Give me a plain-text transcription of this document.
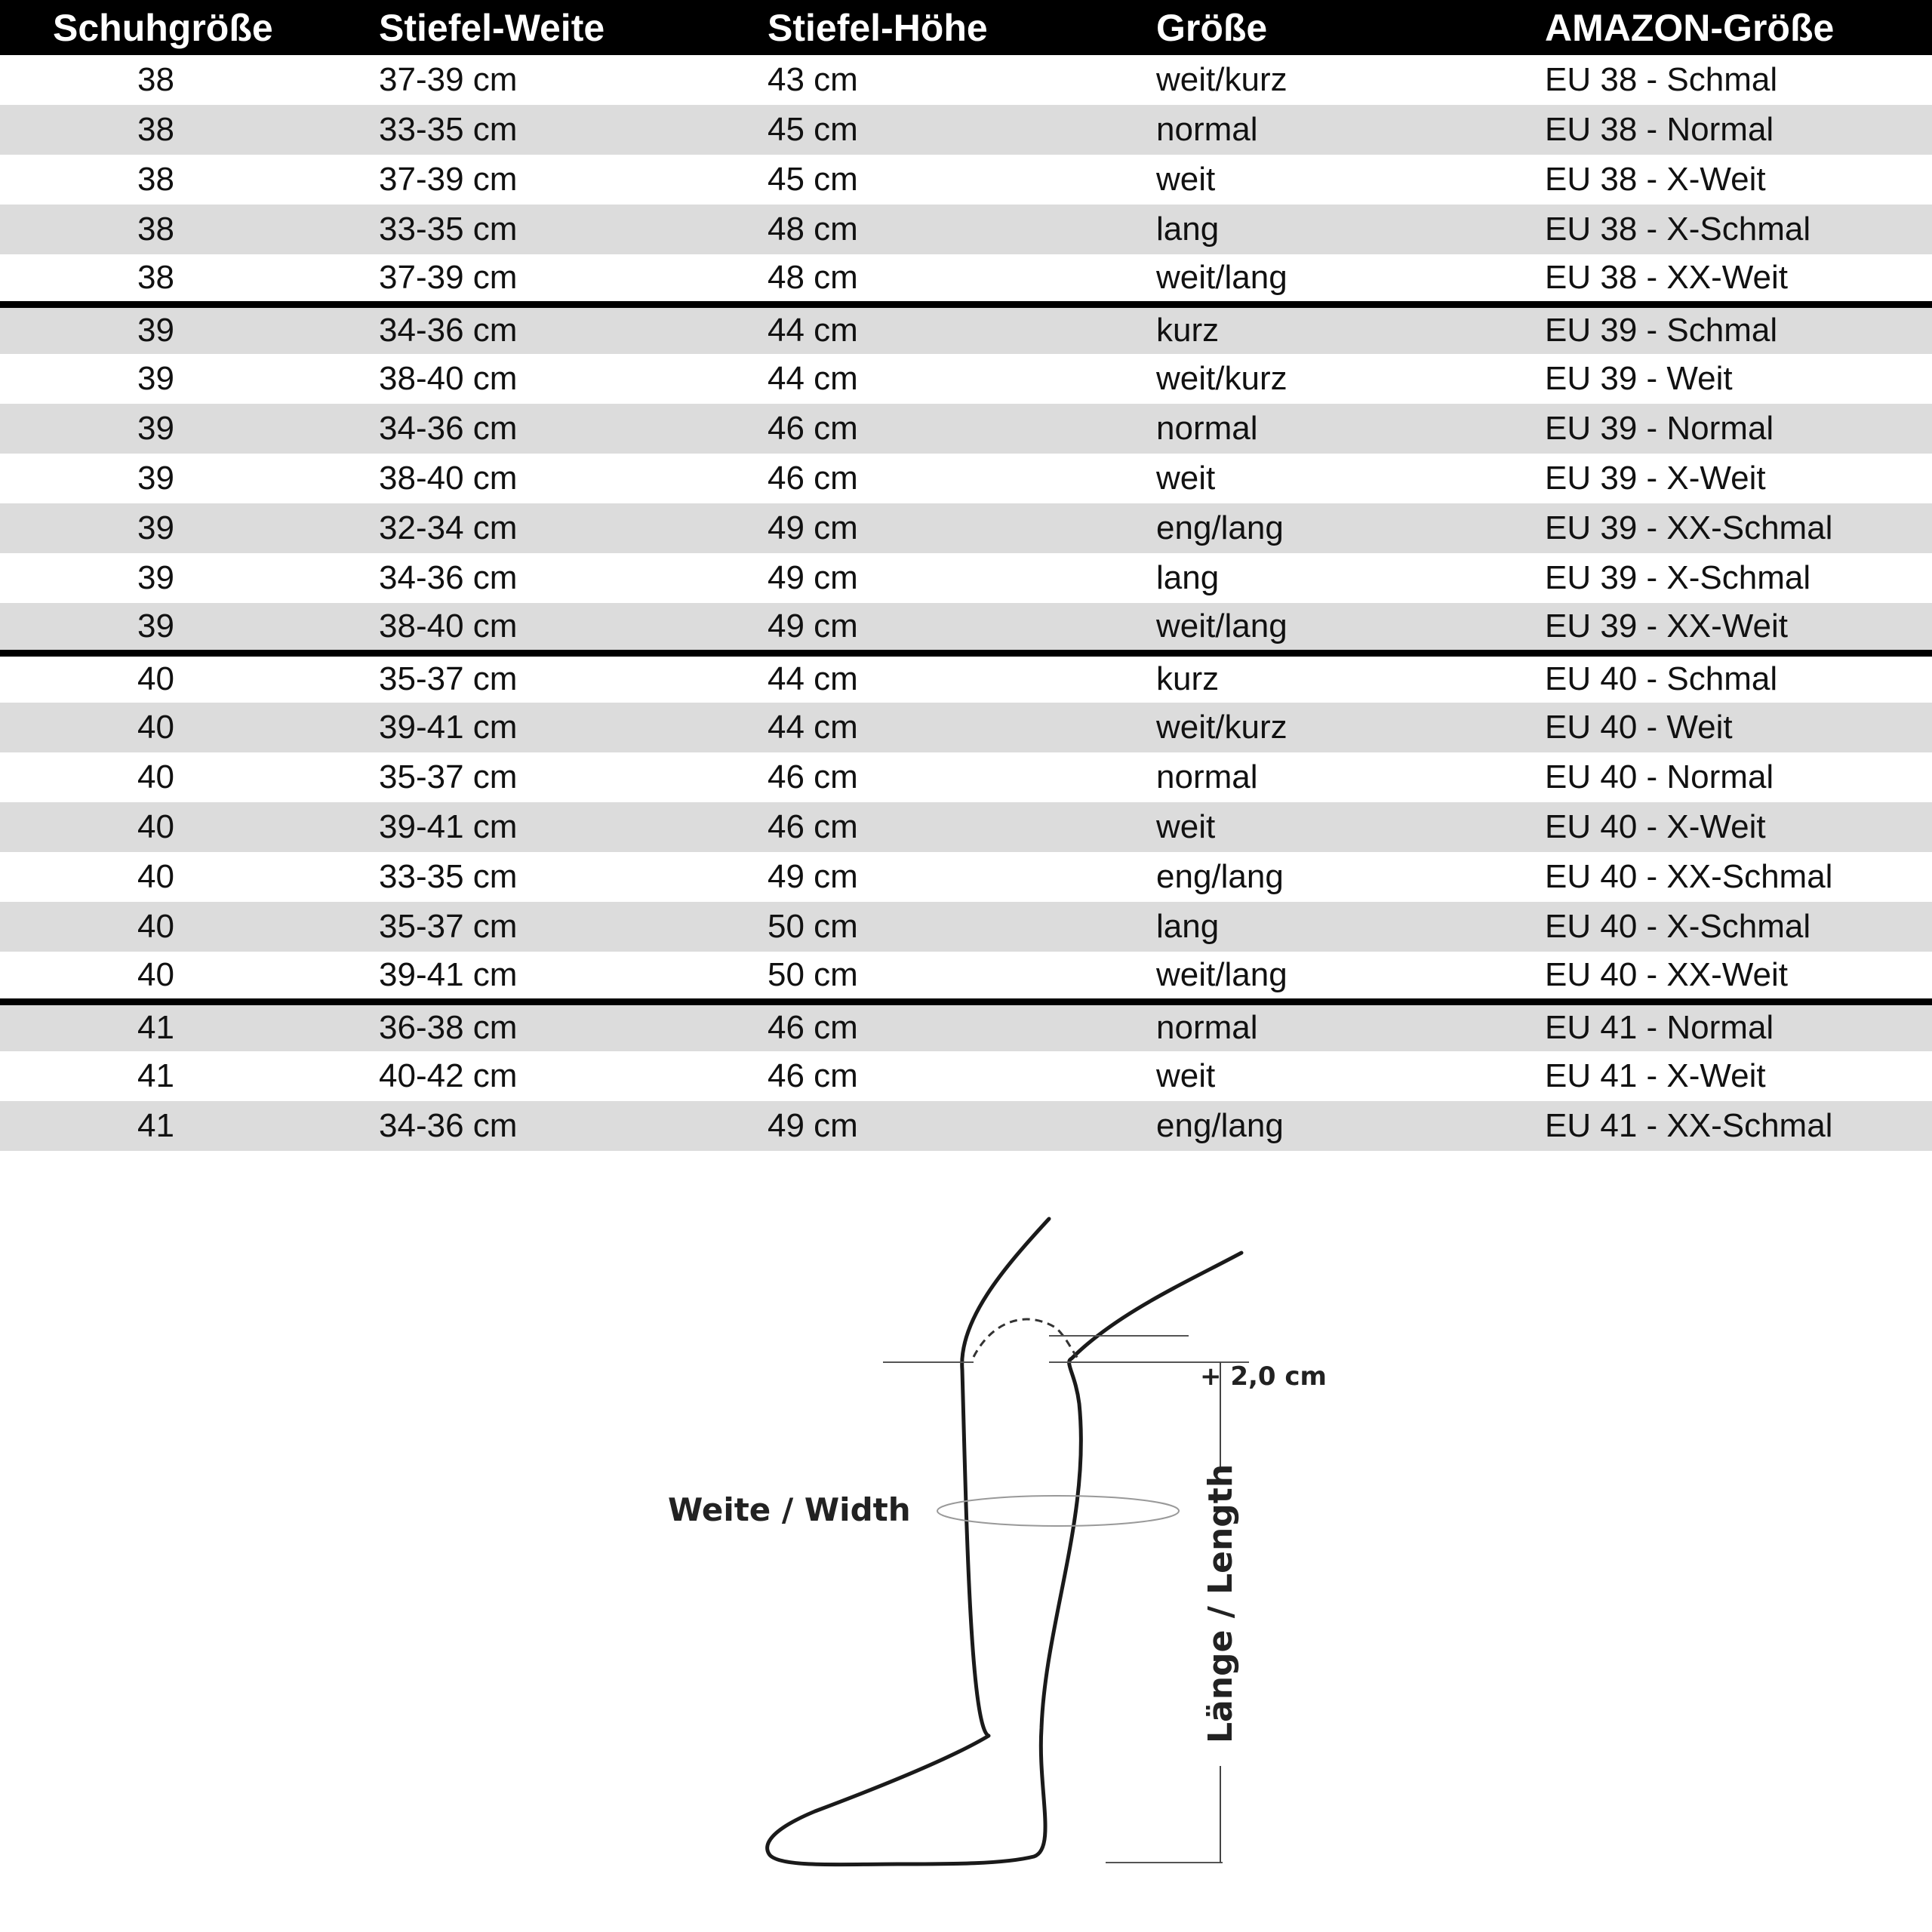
Schuhgröße	Stiefel-Weite	Stiefel-Höhe	Größe	AMAZON-Größe
38	37-39 cm	43 cm	weit/kurz	EU 38 - Schmal
38	33-35 cm	45 cm	normal	EU 38 - Normal
38	37-39 cm	45 cm	weit	EU 38 - X-Weit
38	33-35 cm	48 cm	lang	EU 38 - X-Schmal
38	37-39 cm	48 cm	weit/lang	EU 38 - XX-Weit
39	34-36 cm	44 cm	kurz	EU 39 - Schmal
39	38-40 cm	44 cm	weit/kurz	EU 39 - Weit
39	34-36 cm	46 cm	normal	EU 39 - Normal
39	38-40 cm	46 cm	weit	EU 39 - X-Weit
39	32-34 cm	49 cm	eng/lang	EU 39 - XX-Schmal
39	34-36 cm	49 cm	lang	EU 39 - X-Schmal
39	38-40 cm	49 cm	weit/lang	EU 39 - XX-Weit
40	35-37 cm	44 cm	kurz	EU 40 - Schmal
40	39-41 cm	44 cm	weit/kurz	EU 40 - Weit
40	35-37 cm	46 cm	normal	EU 40 - Normal
40	39-41 cm	46 cm	weit	EU 40 - X-Weit
40	33-35 cm	49 cm	eng/lang	EU 40 - XX-Schmal
40	35-37 cm	50 cm	lang	EU 40 - X-Schmal
40	39-41 cm	50 cm	weit/lang	EU 40 - XX-Weit
41	36-38 cm	46 cm	normal	EU 41 - Normal
41	40-42 cm	46 cm	weit	EU 41 - X-Weit
41	34-36 cm	49 cm	eng/lang	EU 41 - XX-Schmal
Weite / Width
+ 2,0 cm
Länge / Length
